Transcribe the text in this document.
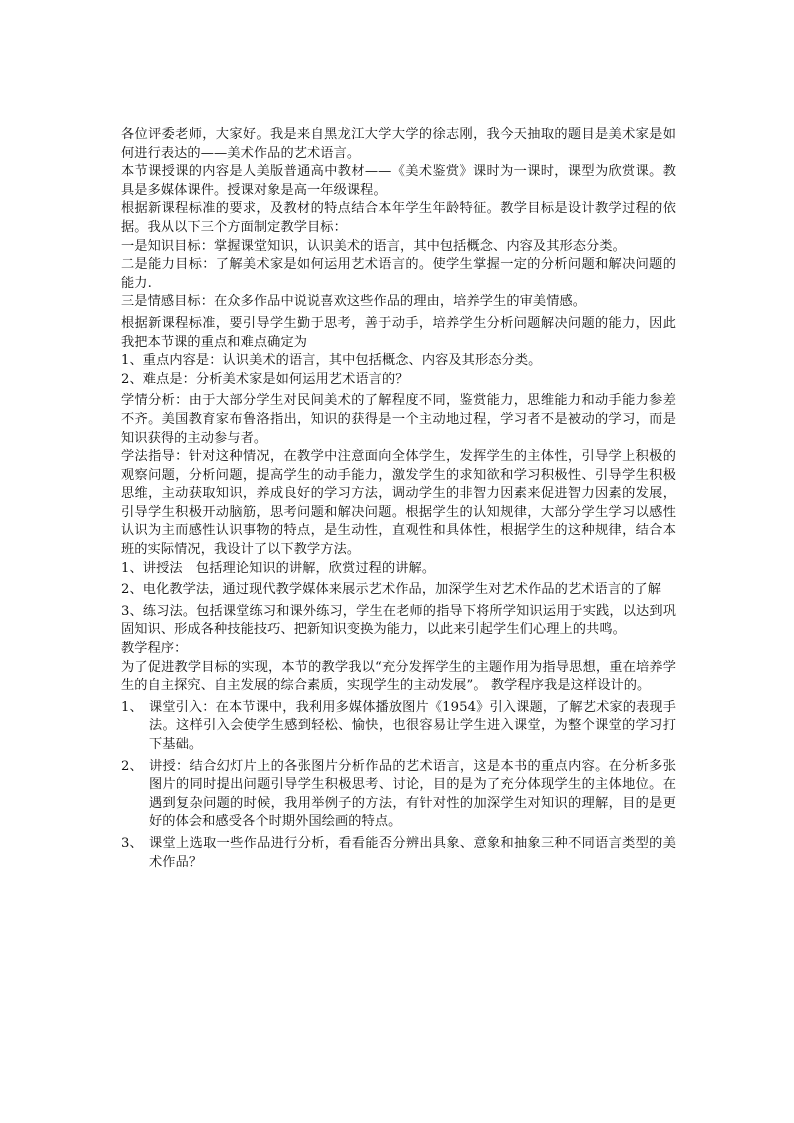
各位评委老师，大家好。我是来自黑龙江大学大学的徐志刚，我今天抽取的题目是美术家是如何进行表达的——美术作品的艺术语言。

本节课授课的内容是人美版普通高中教材——《美术鉴赏》课时为一课时，课型为欣赏课。教具是多媒体课件。授课对象是高一年级课程。

根据新课程标准的要求，及教材的特点结合本年学生年龄特征。教学目标是设计教学过程的依据。我从以下三个方面制定教学目标：

一是知识目标：掌握课堂知识，认识美术的语言，其中包括概念、内容及其形态分类。

二是能力目标：了解美术家是如何运用艺术语言的。使学生掌握一定的分析问题和解决问题的能力.

三是情感目标：在众多作品中说说喜欢这些作品的理由，培养学生的审美情感。

根据新课程标准，要引导学生勤于思考，善于动手，培养学生分析问题解决问题的能力，因此我把本节课的重点和难点确定为

1、重点内容是：认识美术的语言，其中包括概念、内容及其形态分类。

2、难点是：分析美术家是如何运用艺术语言的？

学情分析：由于大部分学生对民间美术的了解程度不同，鉴赏能力，思维能力和动手能力参差不齐。美国教育家布鲁洛指出，知识的获得是一个主动地过程，学习者不是被动的学习，而是知识获得的主动参与者。

学法指导：针对这种情况，在教学中注意面向全体学生，发挥学生的主体性，引导学上积极的观察问题，分析问题，提高学生的动手能力，激发学生的求知欲和学习积极性、引导学生积极思维，主动获取知识，养成良好的学习方法，调动学生的非智力因素来促进智力因素的发展，引导学生积极开动脑筋，思考问题和解决问题。根据学生的认知规律，大部分学生学习以感性认识为主而感性认识事物的特点，是生动性，直观性和具体性，根据学生的这种规律，结合本班的实际情况，我设计了以下教学方法。

1、讲授法　包括理论知识的讲解，欣赏过程的讲解。

2、电化教学法，通过现代教学媒体来展示艺术作品，加深学生对艺术作品的艺术语言的了解

3、练习法。包括课堂练习和课外练习，学生在老师的指导下将所学知识运用于实践，以达到巩固知识、形成各种技能技巧、把新知识变换为能力，以此来引起学生们心理上的共鸣。

教学程序：

为了促进教学目标的实现，本节的教学我以“充分发挥学生的主题作用为指导思想，重在培养学生的自主探究、自主发展的综合素质，实现学生的主动发展”。 教学程序我是这样设计的。

1、 课堂引入：在本节课中，我利用多媒体播放图片《1954》引入课题，了解艺术家的表现手法。这样引入会使学生感到轻松、愉快，也很容易让学生进入课堂，为整个课堂的学习打下基础。
2、 讲授：结合幻灯片上的各张图片分析作品的艺术语言，这是本书的重点内容。在分析多张图片的同时提出问题引导学生积极思考、讨论，目的是为了充分体现学生的主体地位。在遇到复杂问题的时候，我用举例子的方法，有针对性的加深学生对知识的理解，目的是更好的体会和感受各个时期外国绘画的特点。
3、 课堂上选取一些作品进行分析，看看能否分辨出具象、意象和抽象三种不同语言类型的美术作品？
